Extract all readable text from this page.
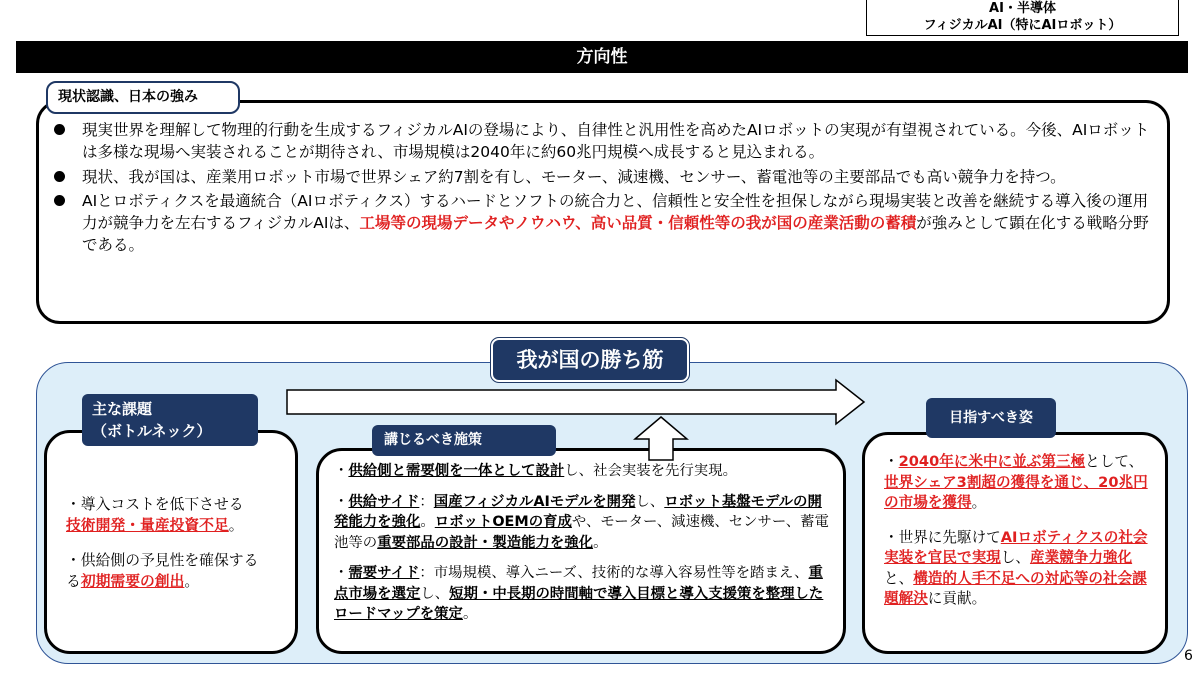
AI・半導体
フィジカルAI（特にAIロボット）
方向性
現状認識、日本の強み
現実世界を理解して物理的行動を生成するフィジカルAIの登場により、自律性と汎用性を高めたAIロボットの実現が有望視されている。今後、AIロボットは多様な現場へ実装されることが期待され、市場規模は2040年に約60兆円規模へ成長すると見込まれる。
現状、我が国は、産業用ロボット市場で世界シェア約7割を有し、モーター、減速機、センサー、蓄電池等の主要部品でも高い競争力を持つ。
AIとロボティクスを最適統合（AIロボティクス）するハードとソフトの統合力と、信頼性と安全性を担保しながら現場実装と改善を継続する導入後の運用力が競争力を左右するフィジカルAIは、工場等の現場データやノウハウ、高い品質・信頼性等の我が国の産業活動の蓄積が強みとして顕在化する戦略分野である。
我が国の勝ち筋
主な課題
（ボトルネック）

・導入コストを低下させる
技術開発・量産投資不足。

・供給側の予見性を確保する
る初期需要の創出。

講じるべき施策

・供給側と需要側を一体として設計し、社会実装を先行実現。

・供給サイド：国産フィジカルAIモデルを開発し、ロボット基盤モデルの開発能力を強化。ロボットOEMの育成や、モーター、減速機、センサー、蓄電池等の重要部品の設計・製造能力を強化。

・需要サイド：市場規模、導入ニーズ、技術的な導入容易性等を踏まえ、重点市場を選定し、短期・中長期の時間軸で導入目標と導入支援策を整理したロードマップを策定。

目指すべき姿

・2040年に米中に並ぶ第三極として、世界シェア3割超の獲得を通じ、20兆円の市場を獲得。

・世界に先駆けてAIロボティクスの社会実装を官民で実現し、産業競争力強化と、構造的人手不足への対応等の社会課題解決に貢献。

6
